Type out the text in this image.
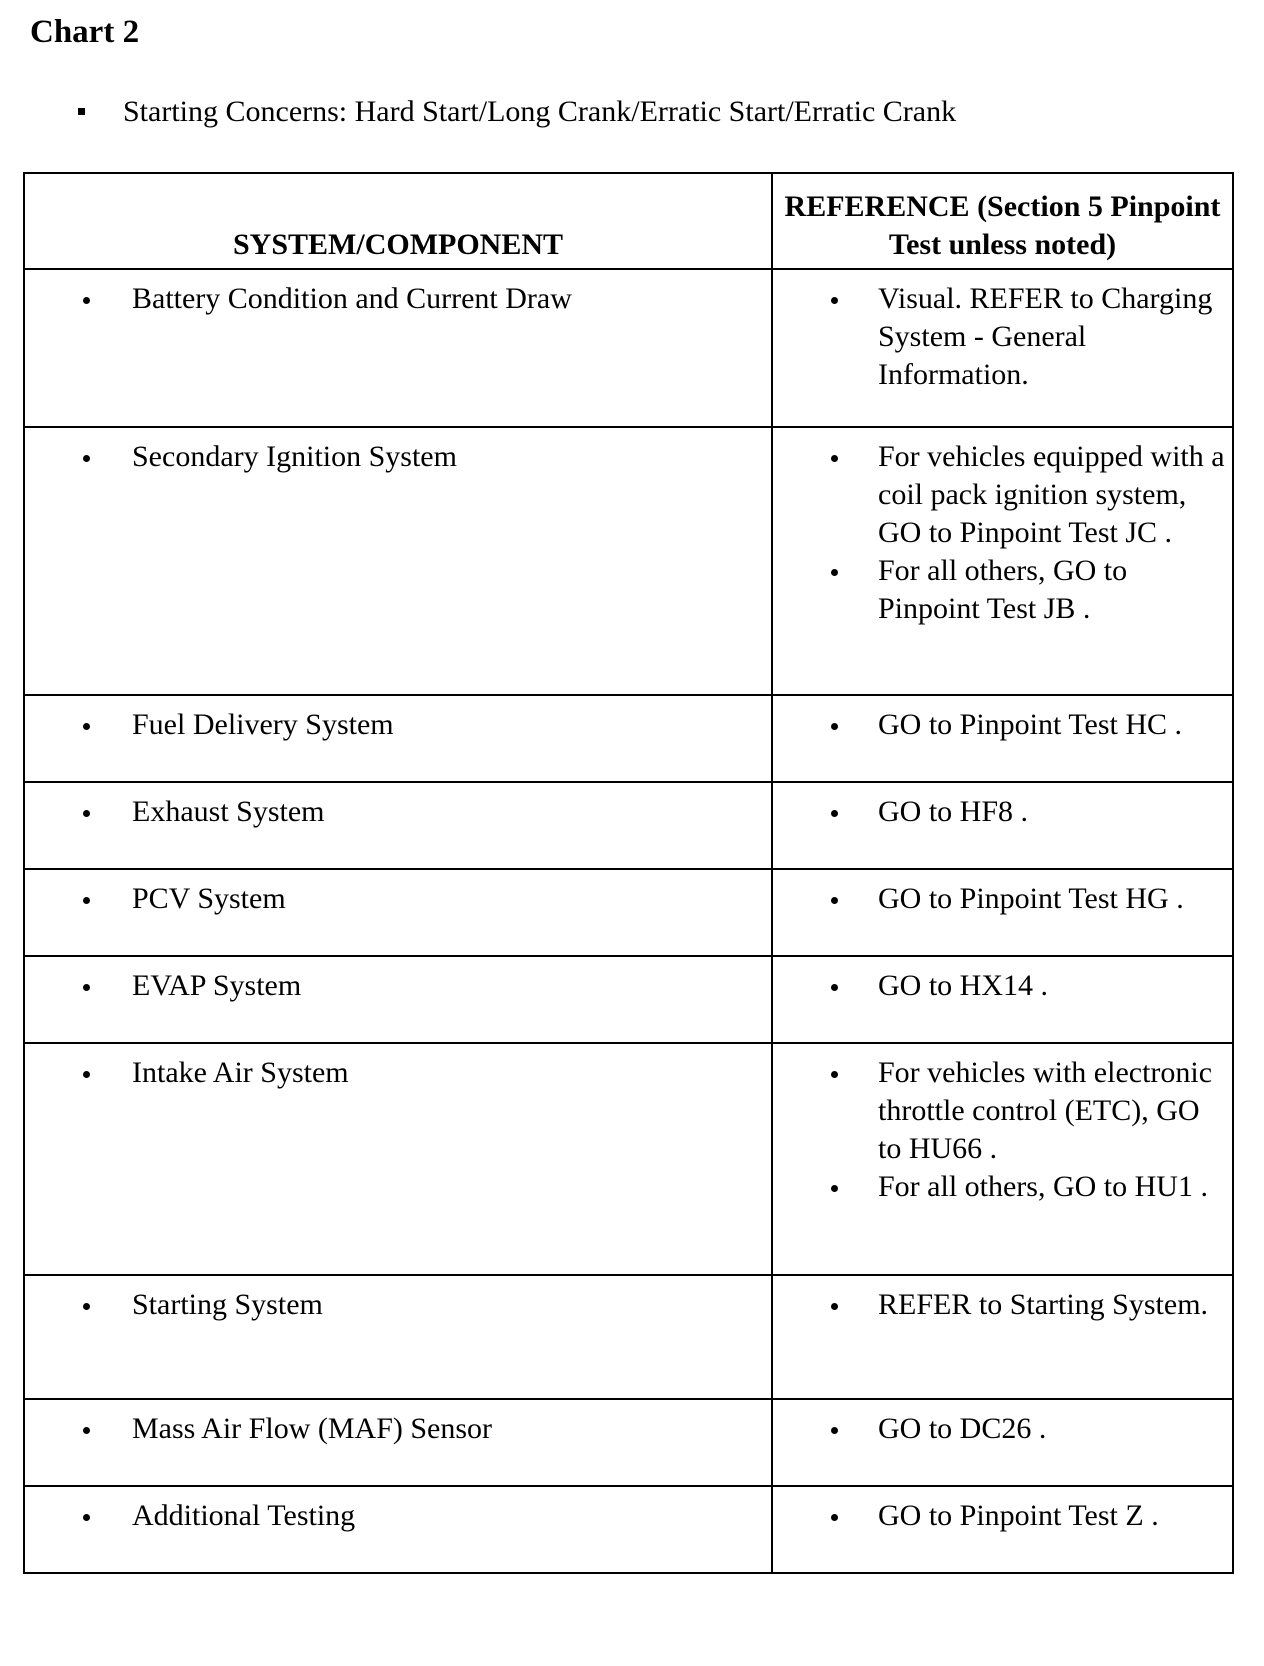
Chart 2
Starting Concerns: Hard Start/Long Crank/Erratic Start/Erratic Crank
SYSTEM/COMPONENT	REFERENCE (Section 5 Pinpoint Test unless noted)

Battery Condition and Current Draw	Visual. REFER to Charging System - General Information.

Secondary Ignition System	For vehicles equipped with a coil pack ignition system, GO to Pinpoint Test JC .
For all others, GO to Pinpoint Test JB .

Fuel Delivery System	GO to Pinpoint Test HC .

Exhaust System	GO to HF8 .

PCV System	GO to Pinpoint Test HG .

EVAP System	GO to HX14 .

Intake Air System	For vehicles with electronic throttle control (ETC), GO to HU66 .
For all others, GO to HU1 .

Starting System	REFER to Starting System.

Mass Air Flow (MAF) Sensor	GO to DC26 .

Additional Testing	GO to Pinpoint Test Z .
